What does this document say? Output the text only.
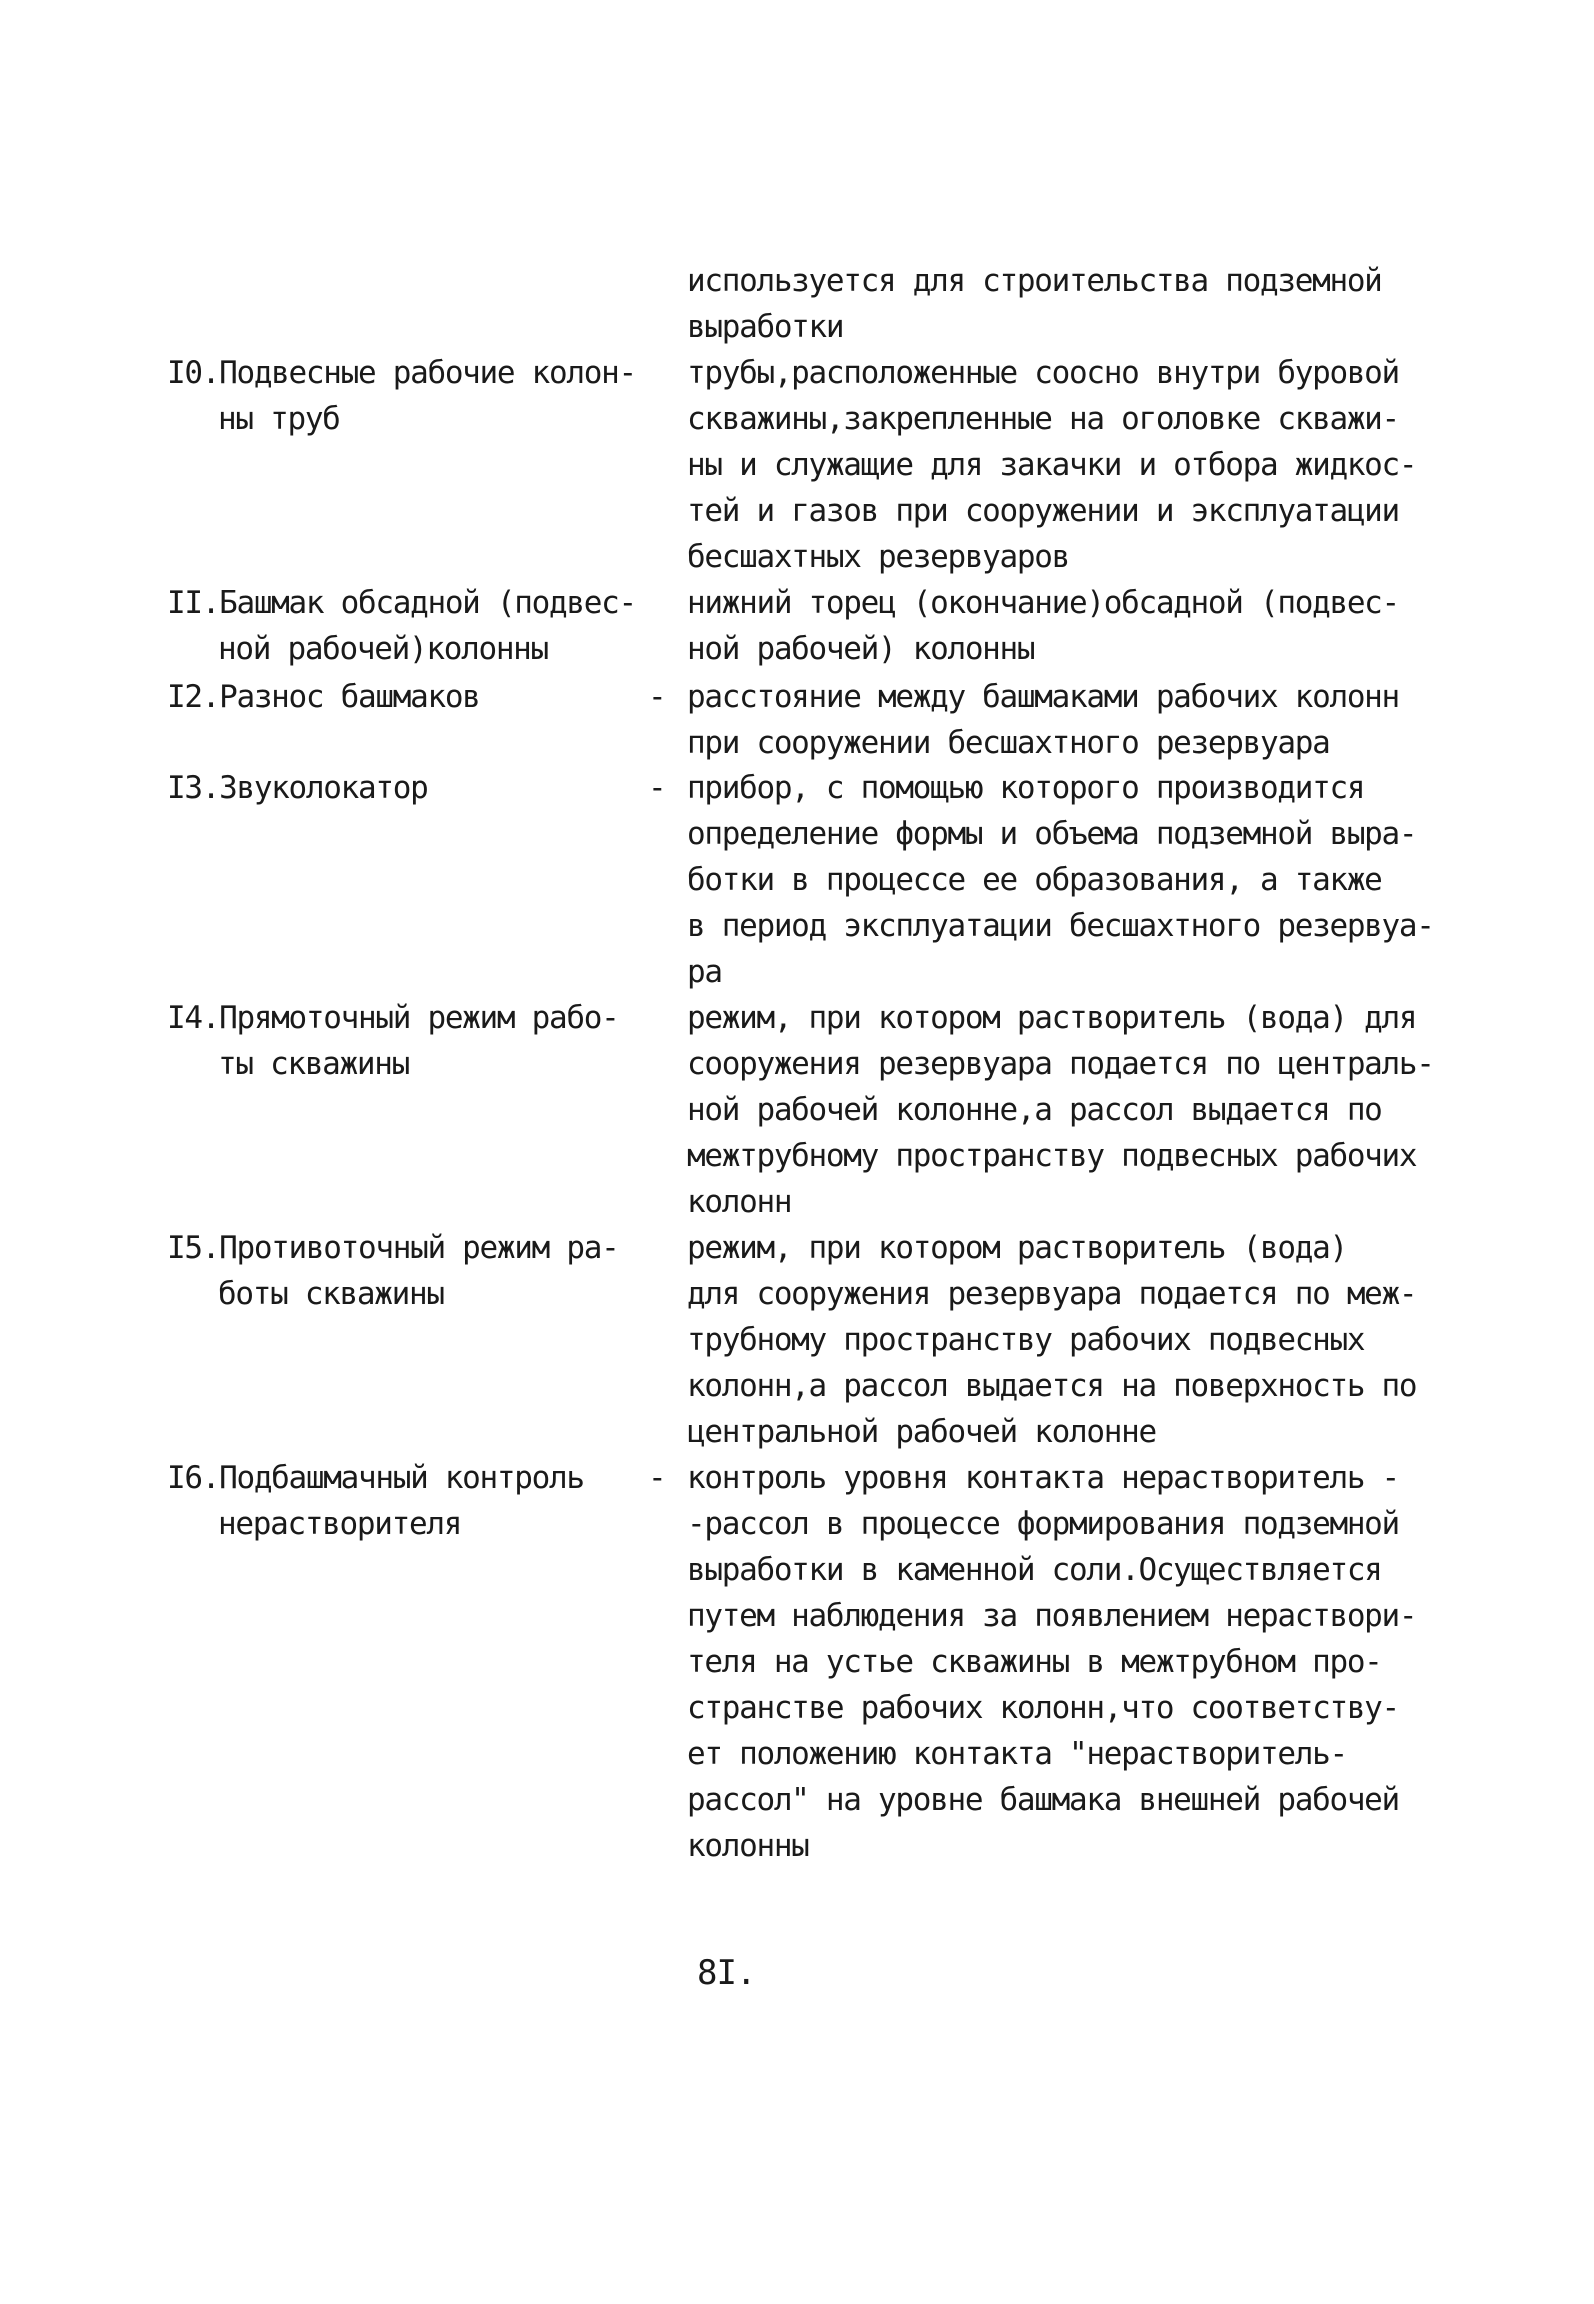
используется для строительства подземной
выработки
I0.Подвесные рабочие колон-
ны труб
трубы,расположенные соосно внутри буровой
скважины,закрепленные на оголовке скважи-
ны и служащие для закачки и отбора жидкос-
тей и газов при сооружении и эксплуатации
бесшахтных резервуаров
II.Башмак обсадной (подвес-
ной рабочей)колонны
нижний торец (окончание)обсадной (подвес-
ной рабочей) колонны
I2.Разнос башмаков	- расстояние между башмаками рабочих колонн
при сооружении бесшахтного резервуара
I3.Звуколокатор	- прибор, с помощью которого производится
определение формы и объема подземной выра-
ботки в процессе ее образования, а также
в период эксплуатации бесшахтного резервуа-
ра
I4.Прямоточный режим рабо-
ты скважины
режим, при котором растворитель (вода) для
сооружения резервуара подается по централь-
ной рабочей колонне,а рассол выдается по
межтрубному пространству подвесных рабочих
колонн
I5.Противоточный режим ра-
боты скважины
режим, при котором растворитель (вода)
для сооружения резервуара подается по меж-
трубному пространству рабочих подвесных
колонн,а рассол выдается на поверхность по
центральной рабочей колонне
I6.Подбашмачный контроль
нерастворителя
- контроль уровня контакта нерастворитель -
-рассол в процессе формирования подземной
выработки в каменной соли.Осуществляется
путем наблюдения за появлением нераствори-
теля на устье скважины в межтрубном про-
странстве рабочих колонн,что соответству-
ет положению контакта "нерастворитель-
рассол" на уровне башмака внешней рабочей
колонны
8I.
